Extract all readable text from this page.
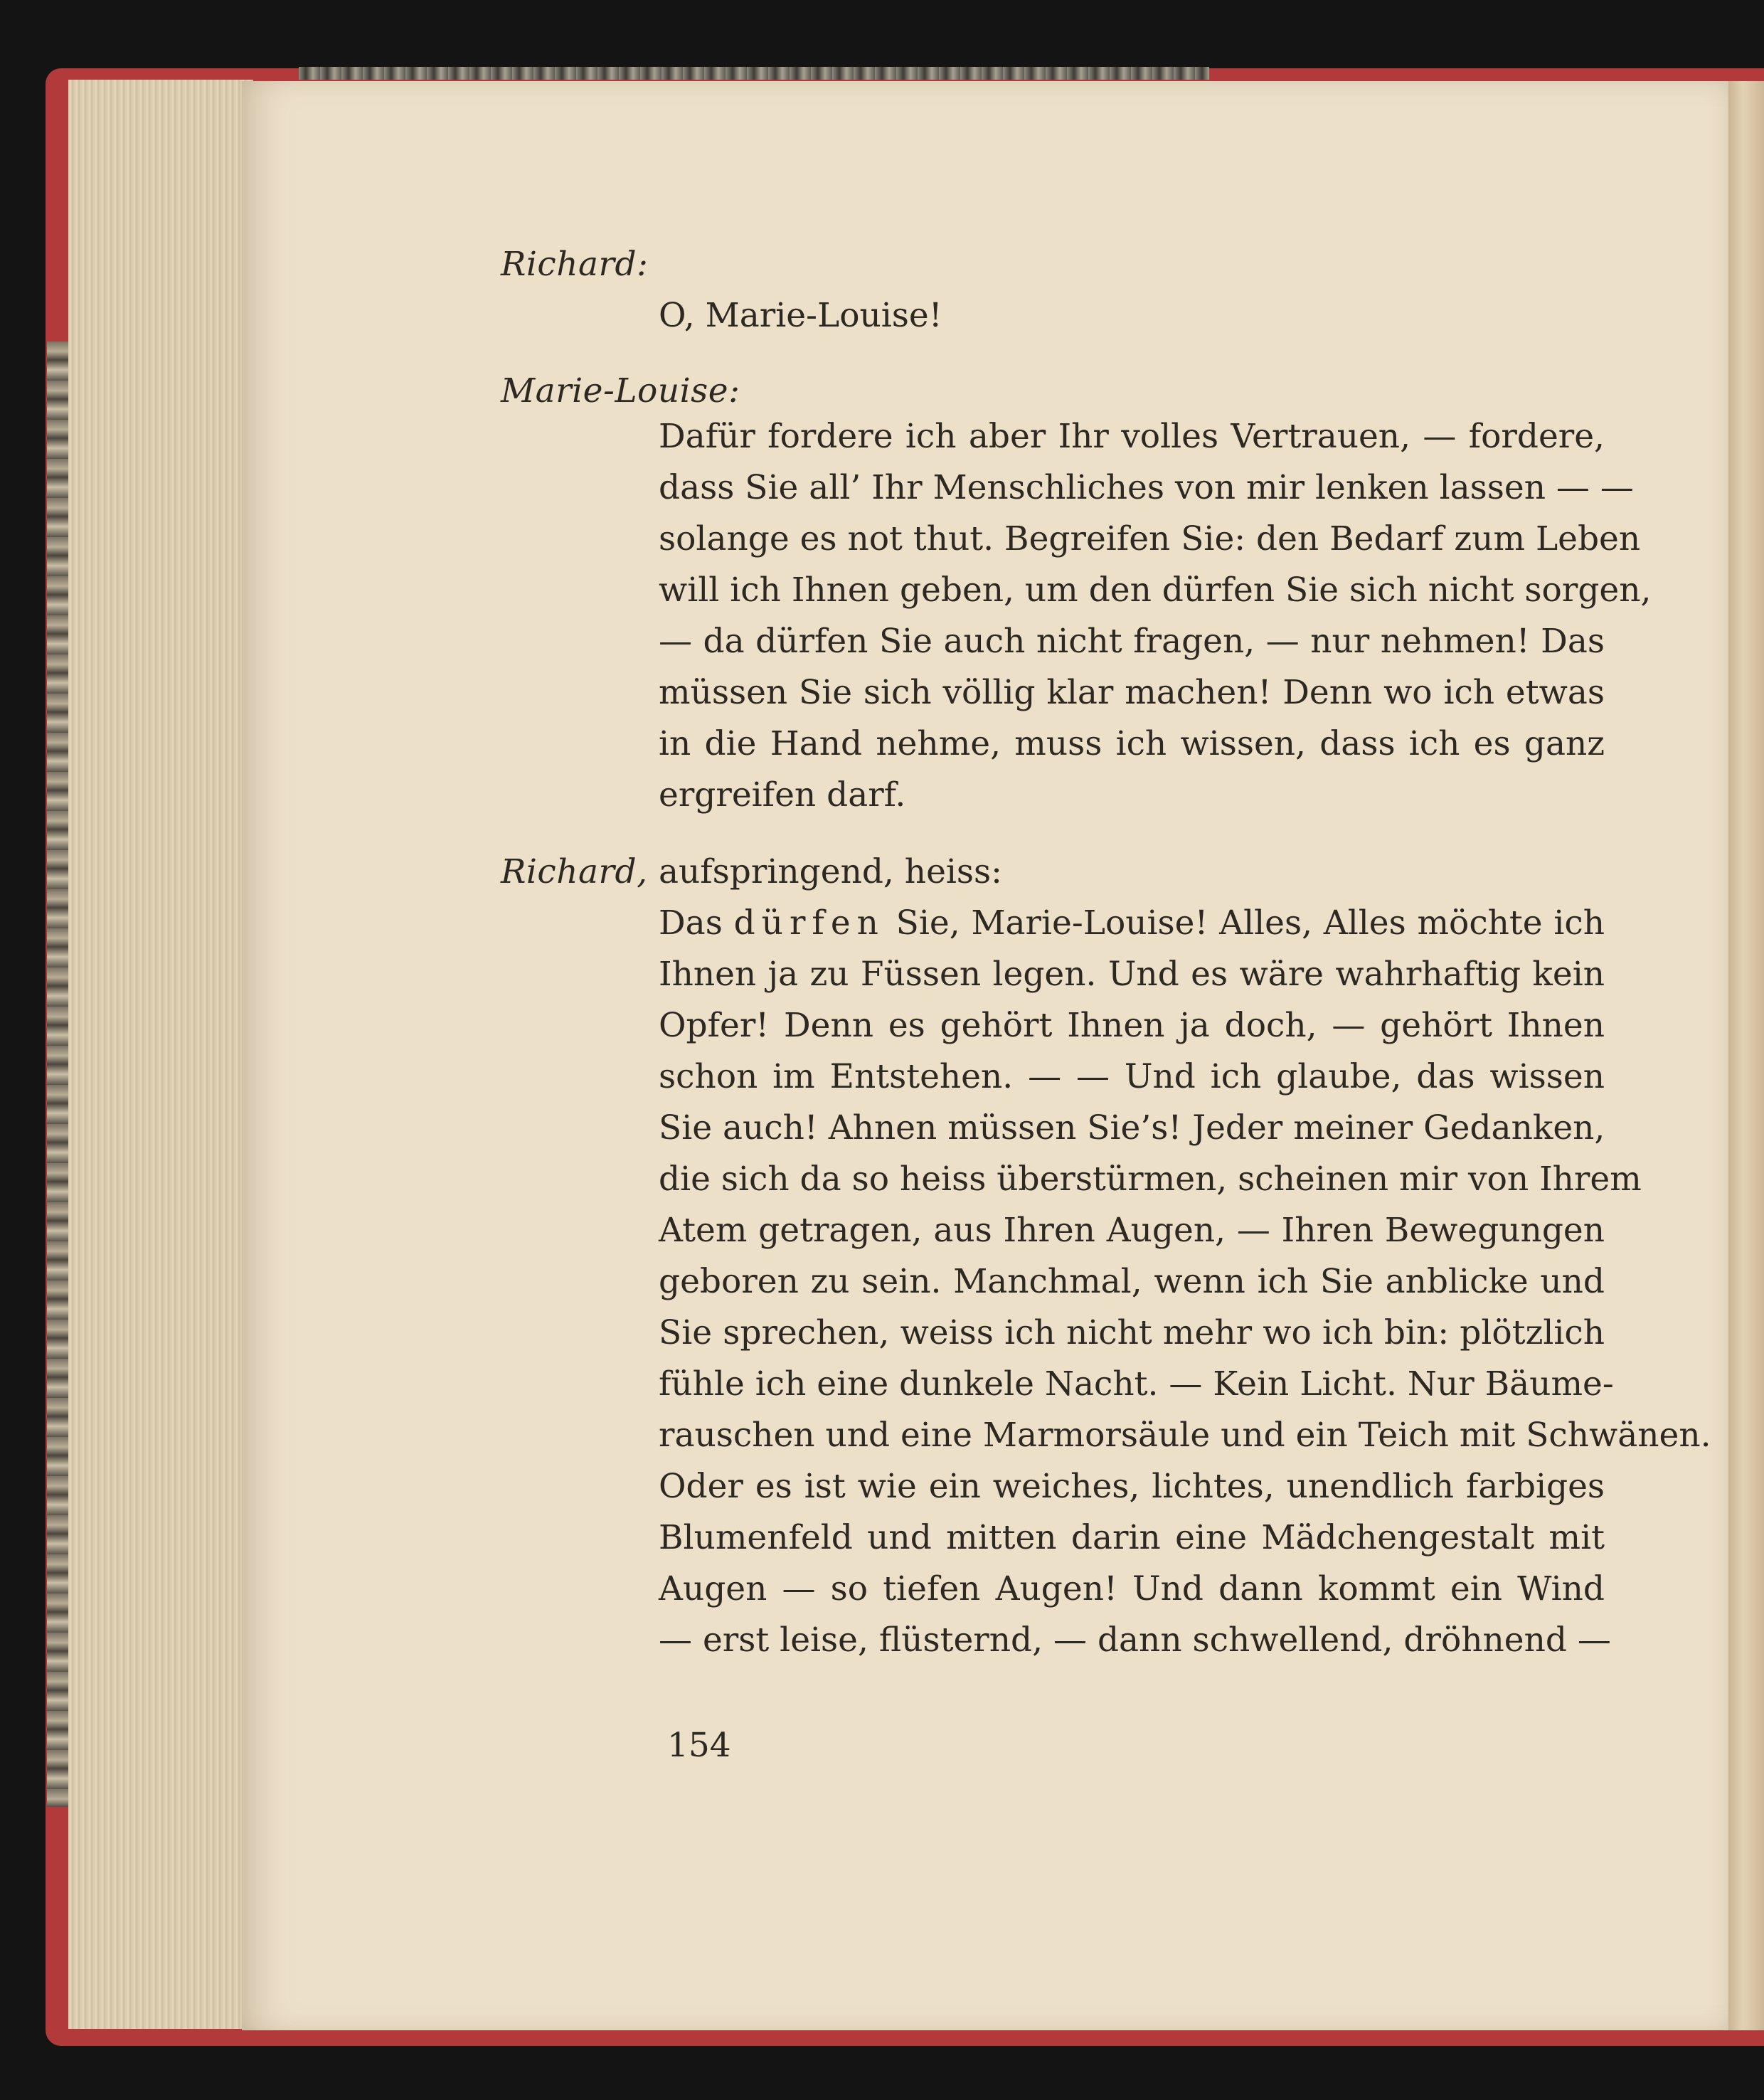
Richard:
O, Marie-Louise!
Marie-Louise:
Dafür fordere ich aber Ihr volles Vertrauen, — fordere,
dass Sie all’ Ihr Menschliches von mir lenken lassen — —
solange es not thut. Begreifen Sie: den Bedarf zum Leben
will ich Ihnen geben, um den dürfen Sie sich nicht sorgen,
— da dürfen Sie auch nicht fragen, — nur nehmen! Das
müssen Sie sich völlig klar machen! Denn wo ich etwas
in die Hand nehme, muss ich wissen, dass ich es ganz
ergreifen darf.
Richard, aufspringend, heiss:
Das dürfen Sie, Marie-Louise! Alles, Alles möchte ich
Ihnen ja zu Füssen legen. Und es wäre wahrhaftig kein
Opfer! Denn es gehört Ihnen ja doch, — gehört Ihnen
schon im Entstehen. — — Und ich glaube, das wissen
Sie auch! Ahnen müssen Sie’s! Jeder meiner Gedanken,
die sich da so heiss überstürmen, scheinen mir von Ihrem
Atem getragen, aus Ihren Augen, — Ihren Bewegungen
geboren zu sein. Manchmal, wenn ich Sie anblicke und
Sie sprechen, weiss ich nicht mehr wo ich bin: plötzlich
fühle ich eine dunkele Nacht. — Kein Licht. Nur Bäume-
rauschen und eine Marmorsäule und ein Teich mit Schwänen.
Oder es ist wie ein weiches, lichtes, unendlich farbiges
Blumenfeld und mitten darin eine Mädchengestalt mit
Augen — so tiefen Augen! Und dann kommt ein Wind
— erst leise, flüsternd, — dann schwellend, dröhnend —
154
